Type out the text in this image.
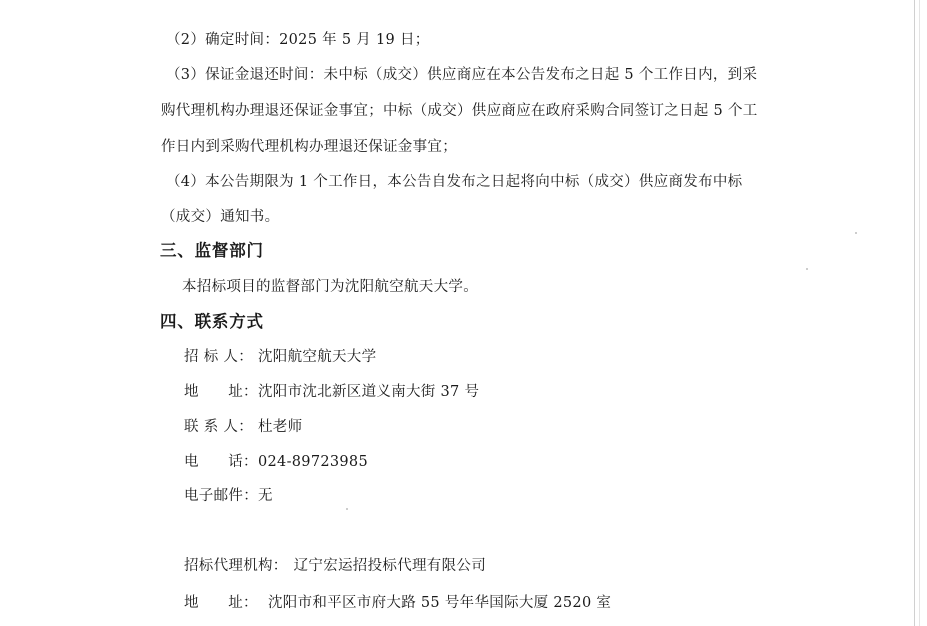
（2）确定时间：2025 年 5 月 19 日；
（3）保证金退还时间：未中标（成交）供应商应在本公告发布之日起 5 个工作日内，到采
购代理机构办理退还保证金事宜；中标（成交）供应商应在政府采购合同签订之日起 5 个工
作日内到采购代理机构办理退还保证金事宜；
（4）本公告期限为 1 个工作日，本公告自发布之日起将向中标（成交）供应商发布中标
（成交）通知书。
三、监督部门
本招标项目的监督部门为沈阳航空航天大学。
四、联系方式
招 标 人： 沈阳航空航天大学
地      址：沈阳市沈北新区道义南大街 37 号
联 系 人： 杜老师
电      话：024-89723985
电子邮件：无
招标代理机构： 辽宁宏运招投标代理有限公司
地      址： 沈阳市和平区市府大路 55 号年华国际大厦 2520 室
